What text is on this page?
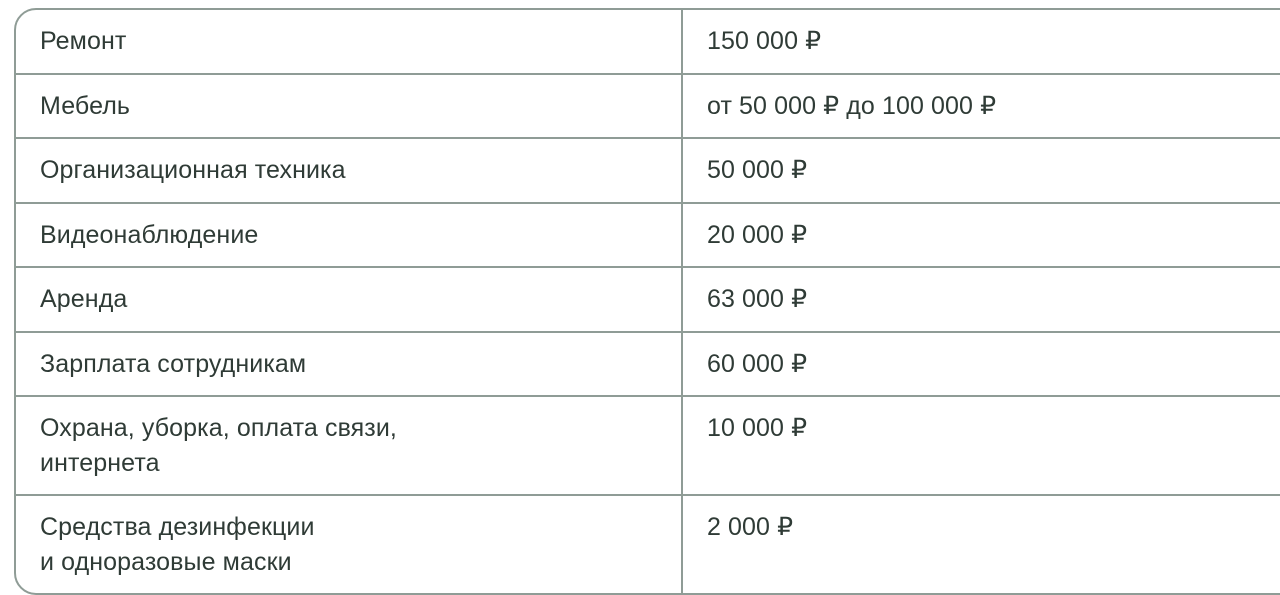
Ремонт	150 000 ₽
Мебель	от 50 000 ₽ до 100 000 ₽
Организационная техника	50 000 ₽
Видеонаблюдение	20 000 ₽
Аренда	63 000 ₽
Зарплата сотрудникам	60 000 ₽
Охрана, уборка, оплата связи,
интернета	10 000 ₽
Средства дезинфекции
и одноразовые маски	2 000 ₽
